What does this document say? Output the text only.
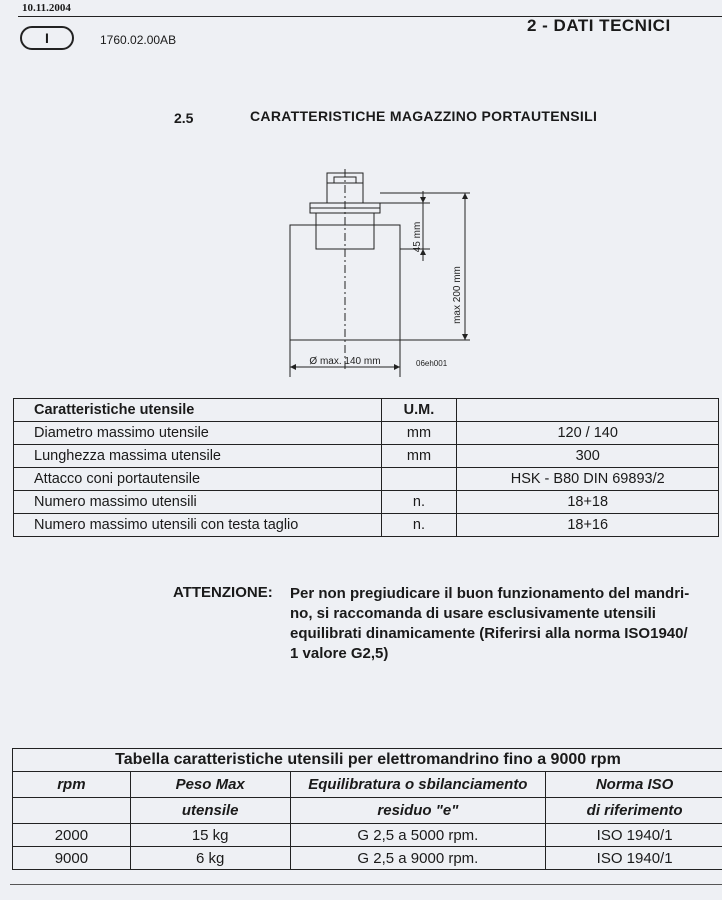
10.11.2004
I	1760.02.00AB
2 - DATI TECNICI
2.5	CARATTERISTICHE MAGAZZINO PORTAUTENSILI
45 mm
max 200 mm
Ø max. 140 mm	06eh001
Caratteristiche utensile	U.M.	
Diametro massimo utensile	mm	120 / 140
Lunghezza massima utensile	mm	300
Attacco coni portautensile		HSK - B80 DIN 69893/2
Numero massimo utensili	n.	18+18
Numero massimo utensili con testa taglio	n.	18+16
ATTENZIONE: Per non pregiudicare il buon funzionamento del mandri-
no, si raccomanda di usare esclusivamente utensili
equilibrati dinamicamente (Riferirsi alla norma ISO1940/
1 valore G2,5)
Tabella caratteristiche utensili per elettromandrino fino a 9000 rpm			
rpm	Peso Max	Equilibratura o sbilanciamento	Norma ISO
	utensile	residuo "e"	di riferimento
2000	15 kg	G 2,5 a 5000 rpm.	ISO 1940/1
9000	6 kg	G 2,5 a 9000 rpm.	ISO 1940/1
